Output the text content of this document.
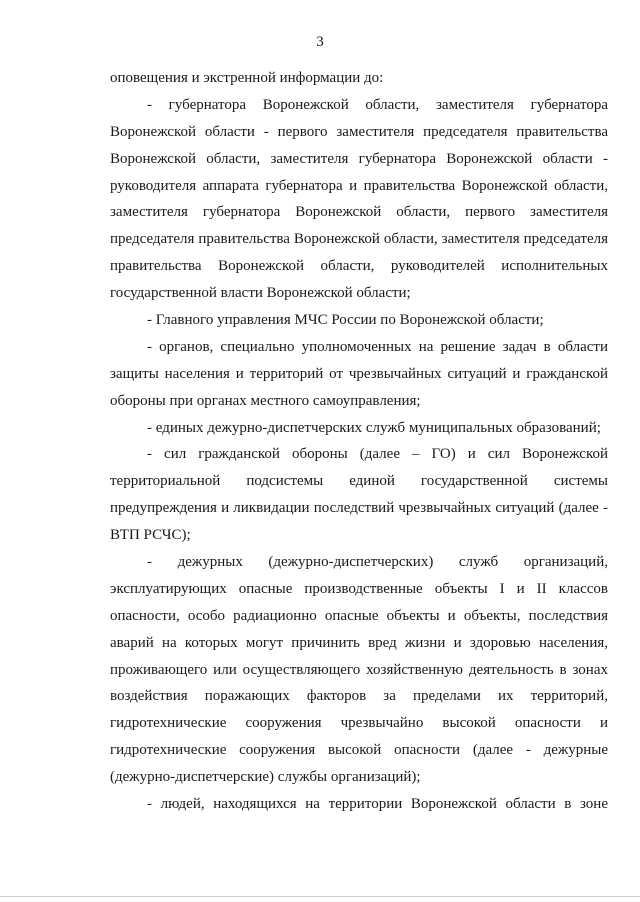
3
оповещения и экстренной информации до:
- губернатора Воронежской области, заместителя губернатора
Воронежской области - первого заместителя председателя правительства
Воронежской области, заместителя губернатора Воронежской области -
руководителя аппарата губернатора и правительства Воронежской области,
заместителя губернатора Воронежской области, первого заместителя
председателя правительства Воронежской области, заместителя председателя
правительства Воронежской области, руководителей исполнительных
государственной власти Воронежской области;
- Главного управления МЧС России по Воронежской области;
- органов, специально уполномоченных на решение задач в области
защиты населения и территорий от чрезвычайных ситуаций и гражданской
обороны при органах местного самоуправления;
- единых дежурно-диспетчерских служб муниципальных образований;
- сил гражданской обороны (далее – ГО) и сил Воронежской
территориальной подсистемы единой государственной системы
предупреждения и ликвидации последствий чрезвычайных ситуаций (далее -
ВТП РСЧС);
- дежурных (дежурно-диспетчерских) служб организаций,
эксплуатирующих опасные производственные объекты I и II классов
опасности, особо радиационно опасные объекты и объекты, последствия
аварий на которых могут причинить вред жизни и здоровью населения,
проживающего или осуществляющего хозяйственную деятельность в зонах
воздействия поражающих факторов за пределами их территорий,
гидротехнические сооружения чрезвычайно высокой опасности и
гидротехнические сооружения высокой опасности (далее - дежурные
(дежурно-диспетчерские) службы организаций);
- людей, находящихся на территории Воронежской области в зоне
